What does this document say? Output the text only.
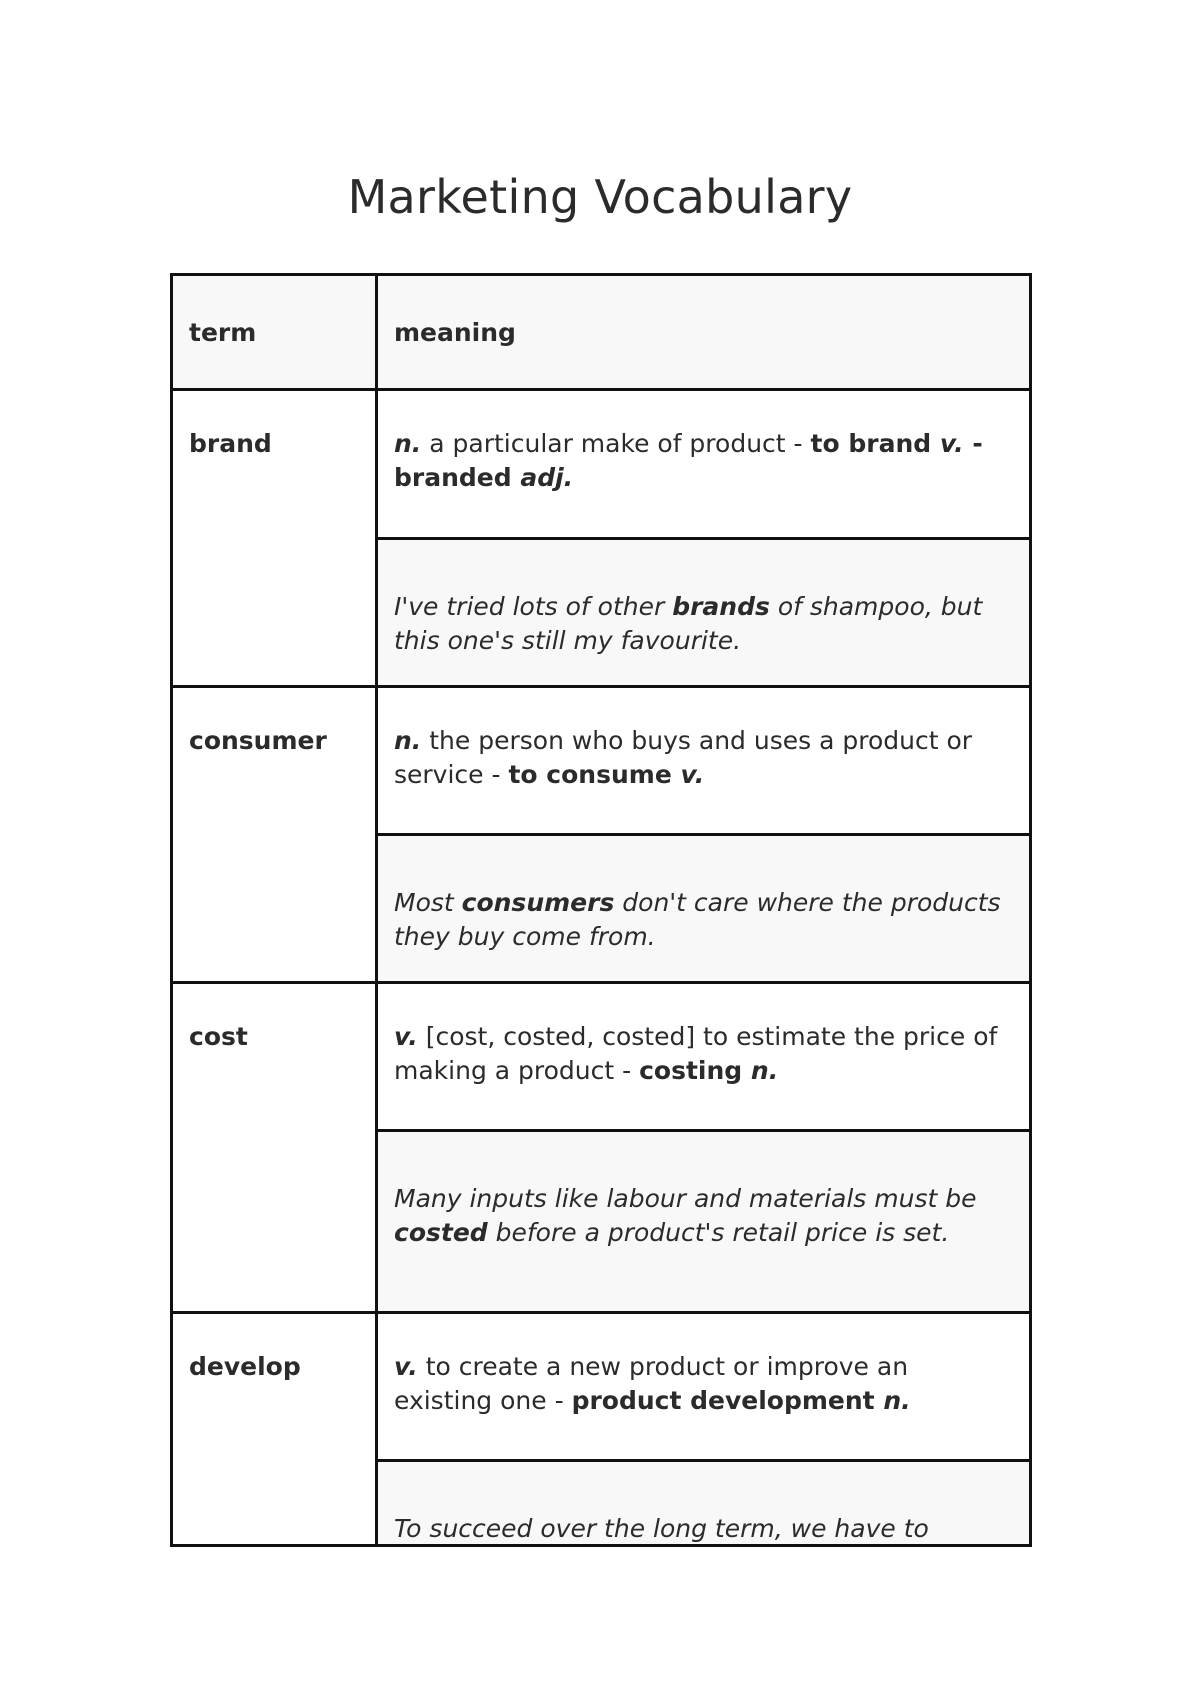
Marketing Vocabulary
term	meaning
brand	n. a particular make of product - to brand v. - branded adj.
I've tried lots of other brands of shampoo, but this one's still my favourite.
consumer	n. the person who buys and uses a product or service - to consume v.
Most consumers don't care where the products they buy come from.
cost	v. [cost, costed, costed] to estimate the price of making a product - costing n.
Many inputs like labour and materials must be costed before a product's retail price is set.
develop	v. to create a new product or improve an existing one - product development n.
To succeed over the long term, we have to
